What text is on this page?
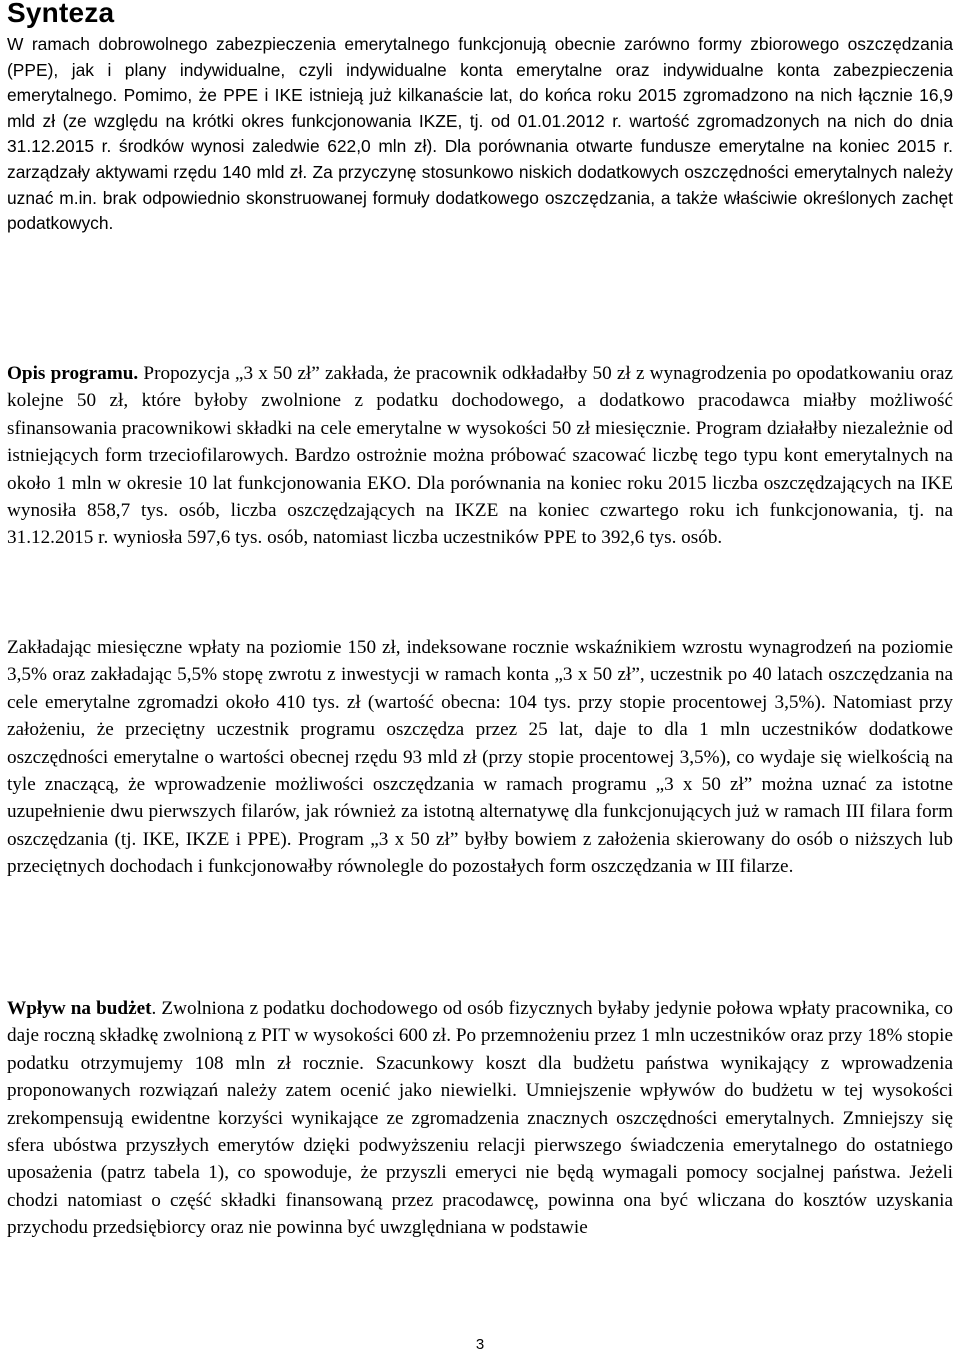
Synteza

W ramach dobrowolnego zabezpieczenia emerytalnego funkcjonują obecnie zarówno formy zbiorowego oszczędzania (PPE), jak i plany indywidualne, czyli indywidualne konta emerytalne oraz indywidualne konta zabezpieczenia emerytalnego. Pomimo, że PPE i IKE istnieją już kilkanaście lat, do końca roku 2015 zgromadzono na nich łącznie 16,9 mld zł (ze względu na krótki okres funkcjonowania IKZE, tj. od 01.01.2012 r. wartość zgromadzonych na nich do dnia 31.12.2015 r. środków wynosi zaledwie 622,0 mln zł). Dla porównania otwarte fundusze emerytalne na koniec 2015 r. zarządzały aktywami rzędu 140 mld zł. Za przyczynę stosunkowo niskich dodatkowych oszczędności emerytalnych należy uznać m.in. brak odpowiednio skonstruowanej formuły dodatkowego oszczędzania, a także właściwie określonych zachęt podatkowych.

Opis programu. Propozycja „3 x 50 zł” zakłada, że pracownik odkładałby 50 zł z wynagrodzenia po opodatkowaniu oraz kolejne 50 zł, które byłoby zwolnione z podatku dochodowego, a dodatkowo pracodawca miałby możliwość sfinansowania pracownikowi składki na cele emerytalne w wysokości 50 zł miesięcznie. Program działałby niezależnie od istniejących form trzeciofilarowych. Bardzo ostrożnie można próbować szacować liczbę tego typu kont emerytalnych na około 1 mln w okresie 10 lat funkcjonowania EKO. Dla porównania na koniec roku 2015 liczba oszczędzających na IKE wynosiła 858,7 tys. osób, liczba oszczędzających na IKZE na koniec czwartego roku ich funkcjonowania, tj. na 31.12.2015 r. wyniosła 597,6 tys. osób, natomiast liczba uczestników PPE to 392,6 tys. osób.

Zakładając miesięczne wpłaty na poziomie 150 zł, indeksowane rocznie wskaźnikiem wzrostu wynagrodzeń na poziomie 3,5% oraz zakładając 5,5% stopę zwrotu z inwestycji w ramach konta „3 x 50 zł”, uczestnik po 40 latach oszczędzania na cele emerytalne zgromadzi około 410 tys. zł (wartość obecna: 104 tys. przy stopie procentowej 3,5%). Natomiast przy założeniu, że przeciętny uczestnik programu oszczędza przez 25 lat, daje to dla 1 mln uczestników dodatkowe oszczędności emerytalne o wartości obecnej rzędu 93 mld zł (przy stopie procentowej 3,5%), co wydaje się wielkością na tyle znaczącą, że wprowadzenie możliwości oszczędzania w ramach programu „3 x 50 zł” można uznać za istotne uzupełnienie dwu pierwszych filarów, jak również za istotną alternatywę dla funkcjonujących już w ramach III filara form oszczędzania (tj. IKE, IKZE i PPE). Program „3 x 50 zł” byłby bowiem z założenia skierowany do osób o niższych lub przeciętnych dochodach i funkcjonowałby równolegle do pozostałych form oszczędzania w III filarze.

Wpływ na budżet. Zwolniona z podatku dochodowego od osób fizycznych byłaby jedynie połowa wpłaty pracownika, co daje roczną składkę zwolnioną z PIT w wysokości 600 zł. Po przemnożeniu przez 1 mln uczestników oraz przy 18% stopie podatku otrzymujemy 108 mln zł rocznie. Szacunkowy koszt dla budżetu państwa wynikający z wprowadzenia proponowanych rozwiązań należy zatem ocenić jako niewielki. Umniejszenie wpływów do budżetu w tej wysokości zrekompensują ewidentne korzyści wynikające ze zgromadzenia znacznych oszczędności emerytalnych. Zmniejszy się sfera ubóstwa przyszłych emerytów dzięki podwyższeniu relacji pierwszego świadczenia emerytalnego do ostatniego uposażenia (patrz tabela 1), co spowoduje, że przyszli emeryci nie będą wymagali pomocy socjalnej państwa. Jeżeli chodzi natomiast o część składki finansowaną przez pracodawcę, powinna ona być wliczana do kosztów uzyskania przychodu przedsiębiorcy oraz nie powinna być uwzględniana w podstawie

3
